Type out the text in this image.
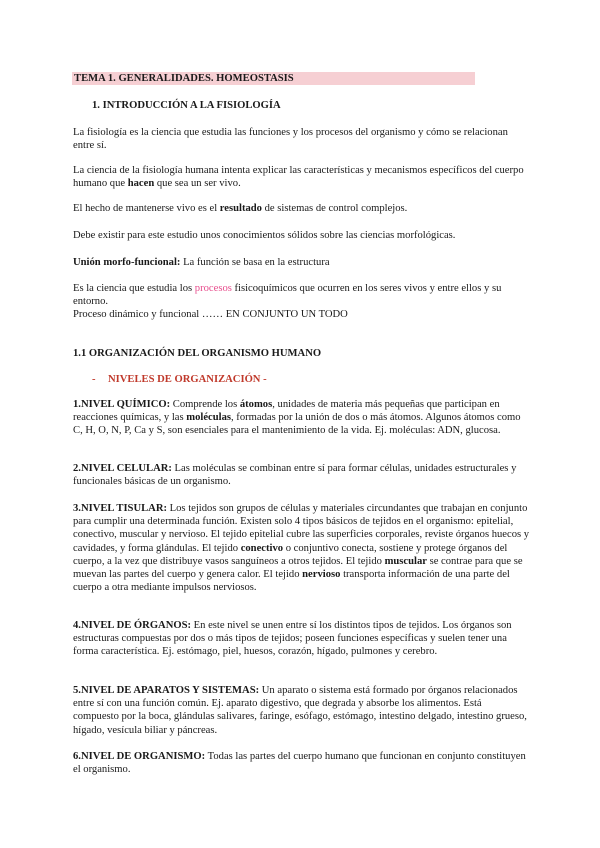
TEMA 1. GENERALIDADES. HOMEOSTASIS
1. INTRODUCCIÓN A LA FISIOLOGÍA

La fisiología es la ciencia que estudia las funciones y los procesos del organismo y cómo se relacionan entre sí.

La ciencia de la fisiología humana intenta explicar las características y mecanismos específicos del cuerpo humano que hacen que sea un ser vivo.

El hecho de mantenerse vivo es el resultado de sistemas de control complejos.

Debe existir para este estudio unos conocimientos sólidos sobre las ciencias morfológicas.

Unión morfo-funcional: La función se basa en la estructura

Es la ciencia que estudia los procesos fisicoquímicos que ocurren en los seres vivos y entre ellos y su entorno.
Proceso dinámico y funcional …… EN CONJUNTO UN TODO

1.1 ORGANIZACIÓN DEL ORGANISMO HUMANO
- NIVELES DE ORGANIZACIÓN -

1.NIVEL QUÍMICO: Comprende los átomos, unidades de materia más pequeñas que participan en reacciones químicas, y las moléculas, formadas por la unión de dos o más átomos. Algunos átomos como C, H, O, N, P, Ca y S, son esenciales para el mantenimiento de la vida. Ej. moléculas: ADN, glucosa.

2.NIVEL CELULAR: Las moléculas se combinan entre sí para formar células, unidades estructurales y funcionales básicas de un organismo.

3.NIVEL TISULAR: Los tejidos son grupos de células y materiales circundantes que trabajan en conjunto para cumplir una determinada función. Existen solo 4 tipos básicos de tejidos en el organismo: epitelial, conectivo, muscular y nervioso. El tejido epitelial cubre las superficies corporales, reviste órganos huecos y cavidades, y forma glándulas. El tejido conectivo o conjuntivo conecta, sostiene y protege órganos del cuerpo, a la vez que distribuye vasos sanguíneos a otros tejidos. El tejido muscular se contrae para que se muevan las partes del cuerpo y genera calor. El tejido nervioso transporta información de una parte del cuerpo a otra mediante impulsos nerviosos.

4.NIVEL DE ÓRGANOS: En este nivel se unen entre sí los distintos tipos de tejidos. Los órganos son estructuras compuestas por dos o más tipos de tejidos; poseen funciones específicas y suelen tener una forma característica. Ej. estómago, piel, huesos, corazón, hígado, pulmones y cerebro.

5.NIVEL DE APARATOS Y SISTEMAS: Un aparato o sistema está formado por órganos relacionados entre sí con una función común. Ej. aparato digestivo, que degrada y absorbe los alimentos. Está compuesto por la boca, glándulas salivares, faringe, esófago, estómago, intestino delgado, intestino grueso, hígado, vesícula biliar y páncreas.

6.NIVEL DE ORGANISMO: Todas las partes del cuerpo humano que funcionan en conjunto constituyen el organismo.
